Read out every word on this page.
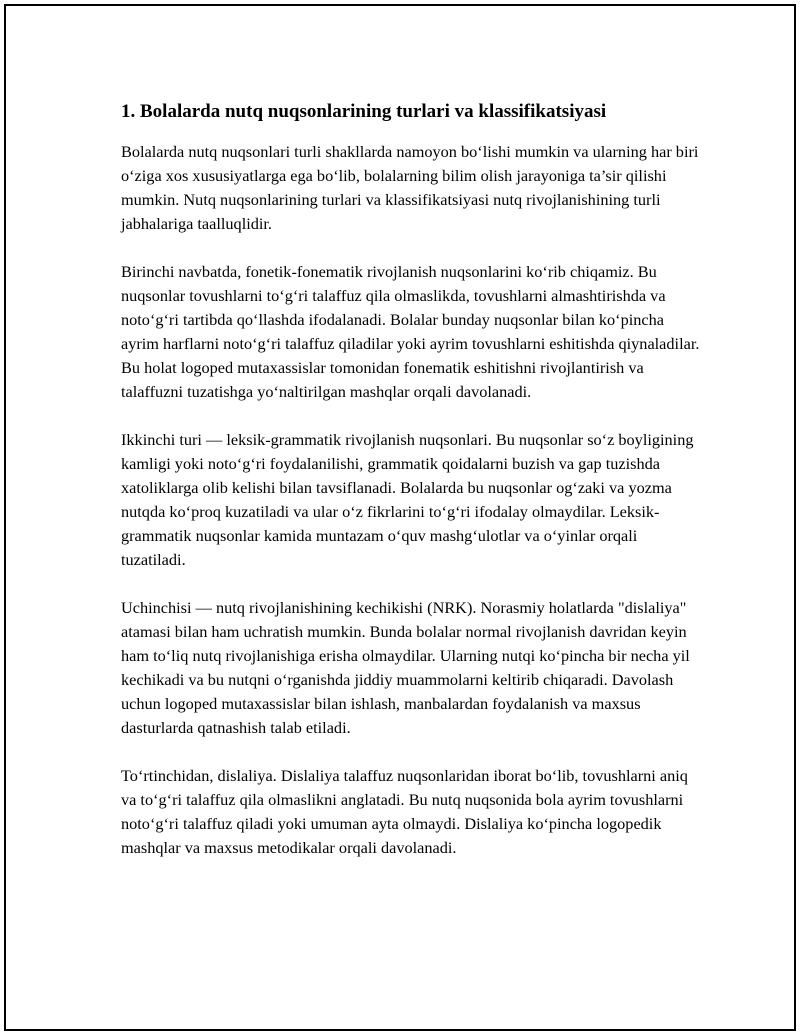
1. Bolalarda nutq nuqsonlarining turlari va klassifikatsiyasi

Bolalarda nutq nuqsonlari turli shakllarda namoyon bo‘lishi mumkin va ularning har biri o‘ziga xos xususiyatlarga ega bo‘lib, bolalarning bilim olish jarayoniga ta’sir qilishi mumkin. Nutq nuqsonlarining turlari va klassifikatsiyasi nutq rivojlanishining turli jabhalariga taalluqlidir.

Birinchi navbatda, fonetik-fonematik rivojlanish nuqsonlarini ko‘rib chiqamiz. Bu nuqsonlar tovushlarni to‘g‘ri talaffuz qila olmaslikda, tovushlarni almashtirishda va noto‘g‘ri tartibda qo‘llashda ifodalanadi. Bolalar bunday nuqsonlar bilan ko‘pincha ayrim harflarni noto‘g‘ri talaffuz qiladilar yoki ayrim tovushlarni eshitishda qiynaladilar. Bu holat logoped mutaxassislar tomonidan fonematik eshitishni rivojlantirish va talaffuzni tuzatishga yo‘naltirilgan mashqlar orqali davolanadi.

Ikkinchi turi — leksik-grammatik rivojlanish nuqsonlari. Bu nuqsonlar so‘z boyligining kamligi yoki noto‘g‘ri foydalanilishi, grammatik qoidalarni buzish va gap tuzishda xatoliklarga olib kelishi bilan tavsiflanadi. Bolalarda bu nuqsonlar og‘zaki va yozma nutqda ko‘proq kuzatiladi va ular o‘z fikrlarini to‘g‘ri ifodalay olmaydilar. Leksik-grammatik nuqsonlar kamida muntazam o‘quv mashg‘ulotlar va o‘yinlar orqali tuzatiladi.

Uchinchisi — nutq rivojlanishining kechikishi (NRK). Norasmiy holatlarda "dislaliya" atamasi bilan ham uchratish mumkin. Bunda bolalar normal rivojlanish davridan keyin ham to‘liq nutq rivojlanishiga erisha olmaydilar. Ularning nutqi ko‘pincha bir necha yil kechikadi va bu nutqni o‘rganishda jiddiy muammolarni keltirib chiqaradi. Davolash uchun logoped mutaxassislar bilan ishlash, manbalardan foydalanish va maxsus dasturlarda qatnashish talab etiladi.

To‘rtinchidan, dislaliya. Dislaliya talaffuz nuqsonlaridan iborat bo‘lib, tovushlarni aniq va to‘g‘ri talaffuz qila olmaslikni anglatadi. Bu nutq nuqsonida bola ayrim tovushlarni noto‘g‘ri talaffuz qiladi yoki umuman ayta olmaydi. Dislaliya ko‘pincha logopedik mashqlar va maxsus metodikalar orqali davolanadi.
